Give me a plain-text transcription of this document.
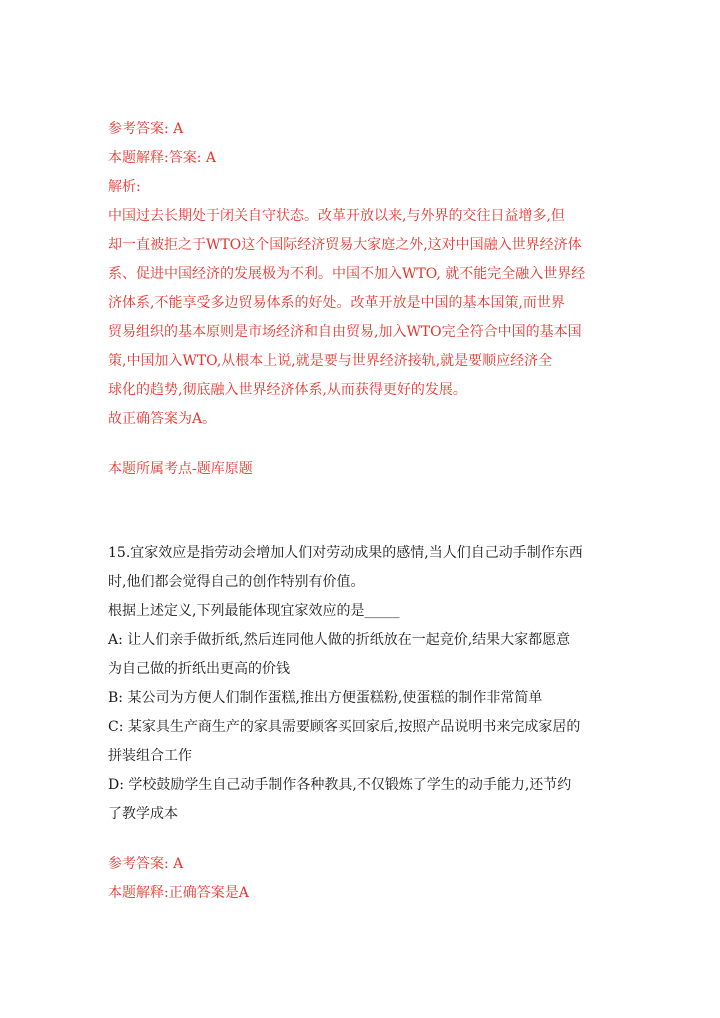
参考答案: A

本题解释:答案: A

解析:

中国过去长期处于闭关自守状态。改革开放以来,与外界的交往日益增多,但

却一直被拒之于WTO这个国际经济贸易大家庭之外,这对中国融入世界经济体

系、促进中国经济的发展极为不利。中国不加入WTO, 就不能完全融入世界经

济体系,不能享受多边贸易体系的好处。改革开放是中国的基本国策,而世界

贸易组织的基本原则是市场经济和自由贸易,加入WTO完全符合中国的基本国

策,中国加入WTO,从根本上说,就是要与世界经济接轨,就是要顺应经济全

球化的趋势,彻底融入世界经济体系,从而获得更好的发展。

故正确答案为A。

本题所属考点-题库原题

15.宜家效应是指劳动会增加人们对劳动成果的感情,当人们自己动手制作东西

时,他们都会觉得自己的创作特别有价值。

根据上述定义,下列最能体现宜家效应的是_____

A: 让人们亲手做折纸,然后连同他人做的折纸放在一起竞价,结果大家都愿意

为自己做的折纸出更高的价钱

B: 某公司为方便人们制作蛋糕,推出方便蛋糕粉,使蛋糕的制作非常简单

C: 某家具生产商生产的家具需要顾客买回家后,按照产品说明书来完成家居的

拼装组合工作

D: 学校鼓励学生自己动手制作各种教具,不仅锻炼了学生的动手能力,还节约

了教学成本

参考答案: A

本题解释:正确答案是A
